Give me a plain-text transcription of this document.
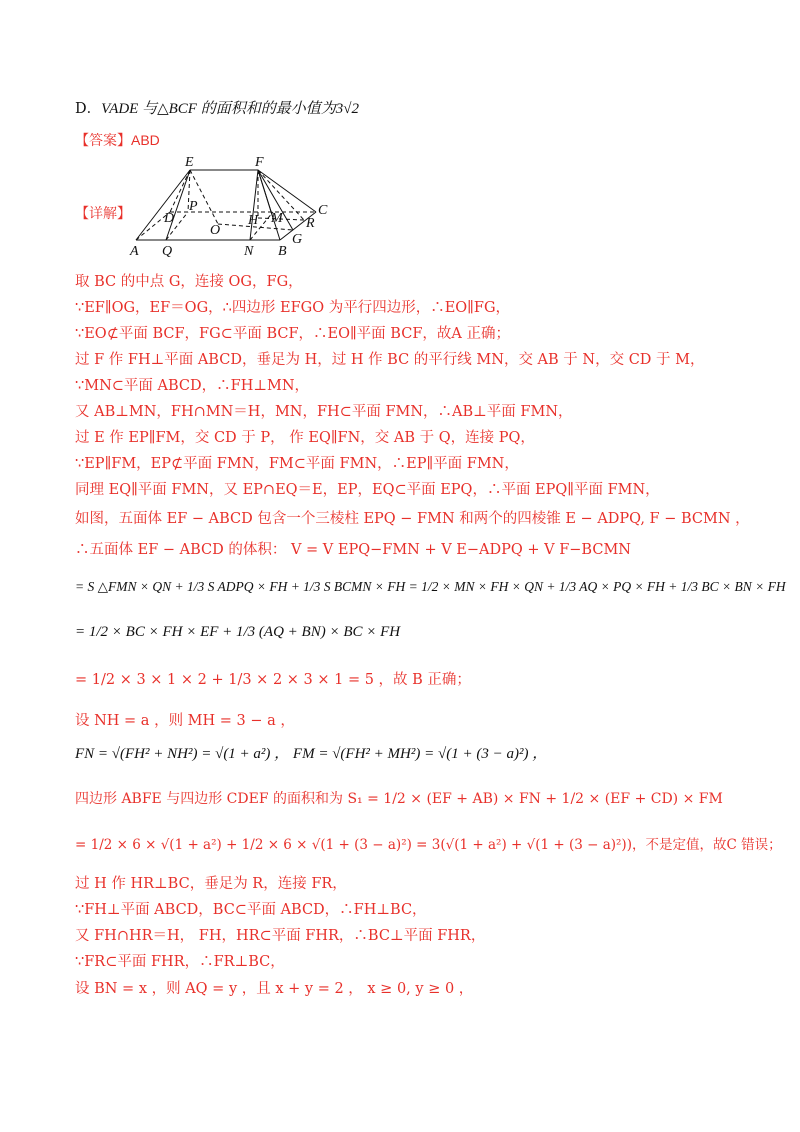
D．VADE 与△BCF 的面积和的最小值为3√2
【答案】ABD
【详解】
E	F
D
P
H M
C
R
O
G
A Q	N B
取 BC 的中点 G，连接 OG，FG，
∵EF∥OG，EF＝OG，∴四边形 EFGO 为平行四边形，∴EO∥FG，
∵EO⊄平面 BCF，FG⊂平面 BCF，∴EO∥平面 BCF，故A 正确；
过 F 作 FH⊥平面 ABCD，垂足为 H，过 H 作 BC 的平行线 MN，交 AB 于 N，交 CD 于 M，
∵MN⊂平面 ABCD，∴FH⊥MN，
又 AB⊥MN，FH∩MN＝H，MN，FH⊂平面 FMN，∴AB⊥平面 FMN，
过 E 作 EP∥FM，交 CD 于 P， 作 EQ∥FN，交 AB 于 Q，连接 PQ，
∵EP∥FM，EP⊄平面 FMN，FM⊂平面 FMN，∴EP∥平面 FMN，
同理 EQ∥平面 FMN，又 EP∩EQ＝E，EP，EQ⊂平面 EPQ，∴平面 EPQ∥平面 FMN，
如图，五面体 EF − ABCD 包含一个三棱柱 EPQ − FMN 和两个的四棱锥 E − ADPQ, F − BCMN ，
∴五面体 EF − ABCD 的体积： V = V EPQ−FMN + V E−ADPQ + V F−BCMN
= S △FMN × QN + 1/3 S ADPQ × FH + 1/3 S BCMN × FH = 1/2 × MN × FH × QN + 1/3 AQ × PQ × FH + 1/3 BC × BN × FH
= 1/2 × BC × FH × EF + 1/3 (AQ + BN) × BC × FH
= 1/2 × 3 × 1 × 2 + 1/3 × 2 × 3 × 1 = 5 ，故 B 正确；
设 NH = a ，则 MH = 3 − a ，
FN = √(FH² + NH²) = √(1 + a²) ， FM = √(FH² + MH²) = √(1 + (3 − a)²) ，
四边形 ABFE 与四边形 CDEF 的面积和为 S₁ = 1/2 × (EF + AB) × FN + 1/2 × (EF + CD) × FM
= 1/2 × 6 × √(1 + a²) + 1/2 × 6 × √(1 + (3 − a)²) = 3(√(1 + a²) + √(1 + (3 − a)²))，不是定值，故C 错误；
过 H 作 HR⊥BC，垂足为 R，连接 FR，
∵FH⊥平面 ABCD，BC⊂平面 ABCD，∴FH⊥BC，
又 FH∩HR＝H， FH，HR⊂平面 FHR，∴BC⊥平面 FHR，
∵FR⊂平面 FHR，∴FR⊥BC，
设 BN = x ，则 AQ = y ，且 x + y = 2 ， x ≥ 0, y ≥ 0 ，
